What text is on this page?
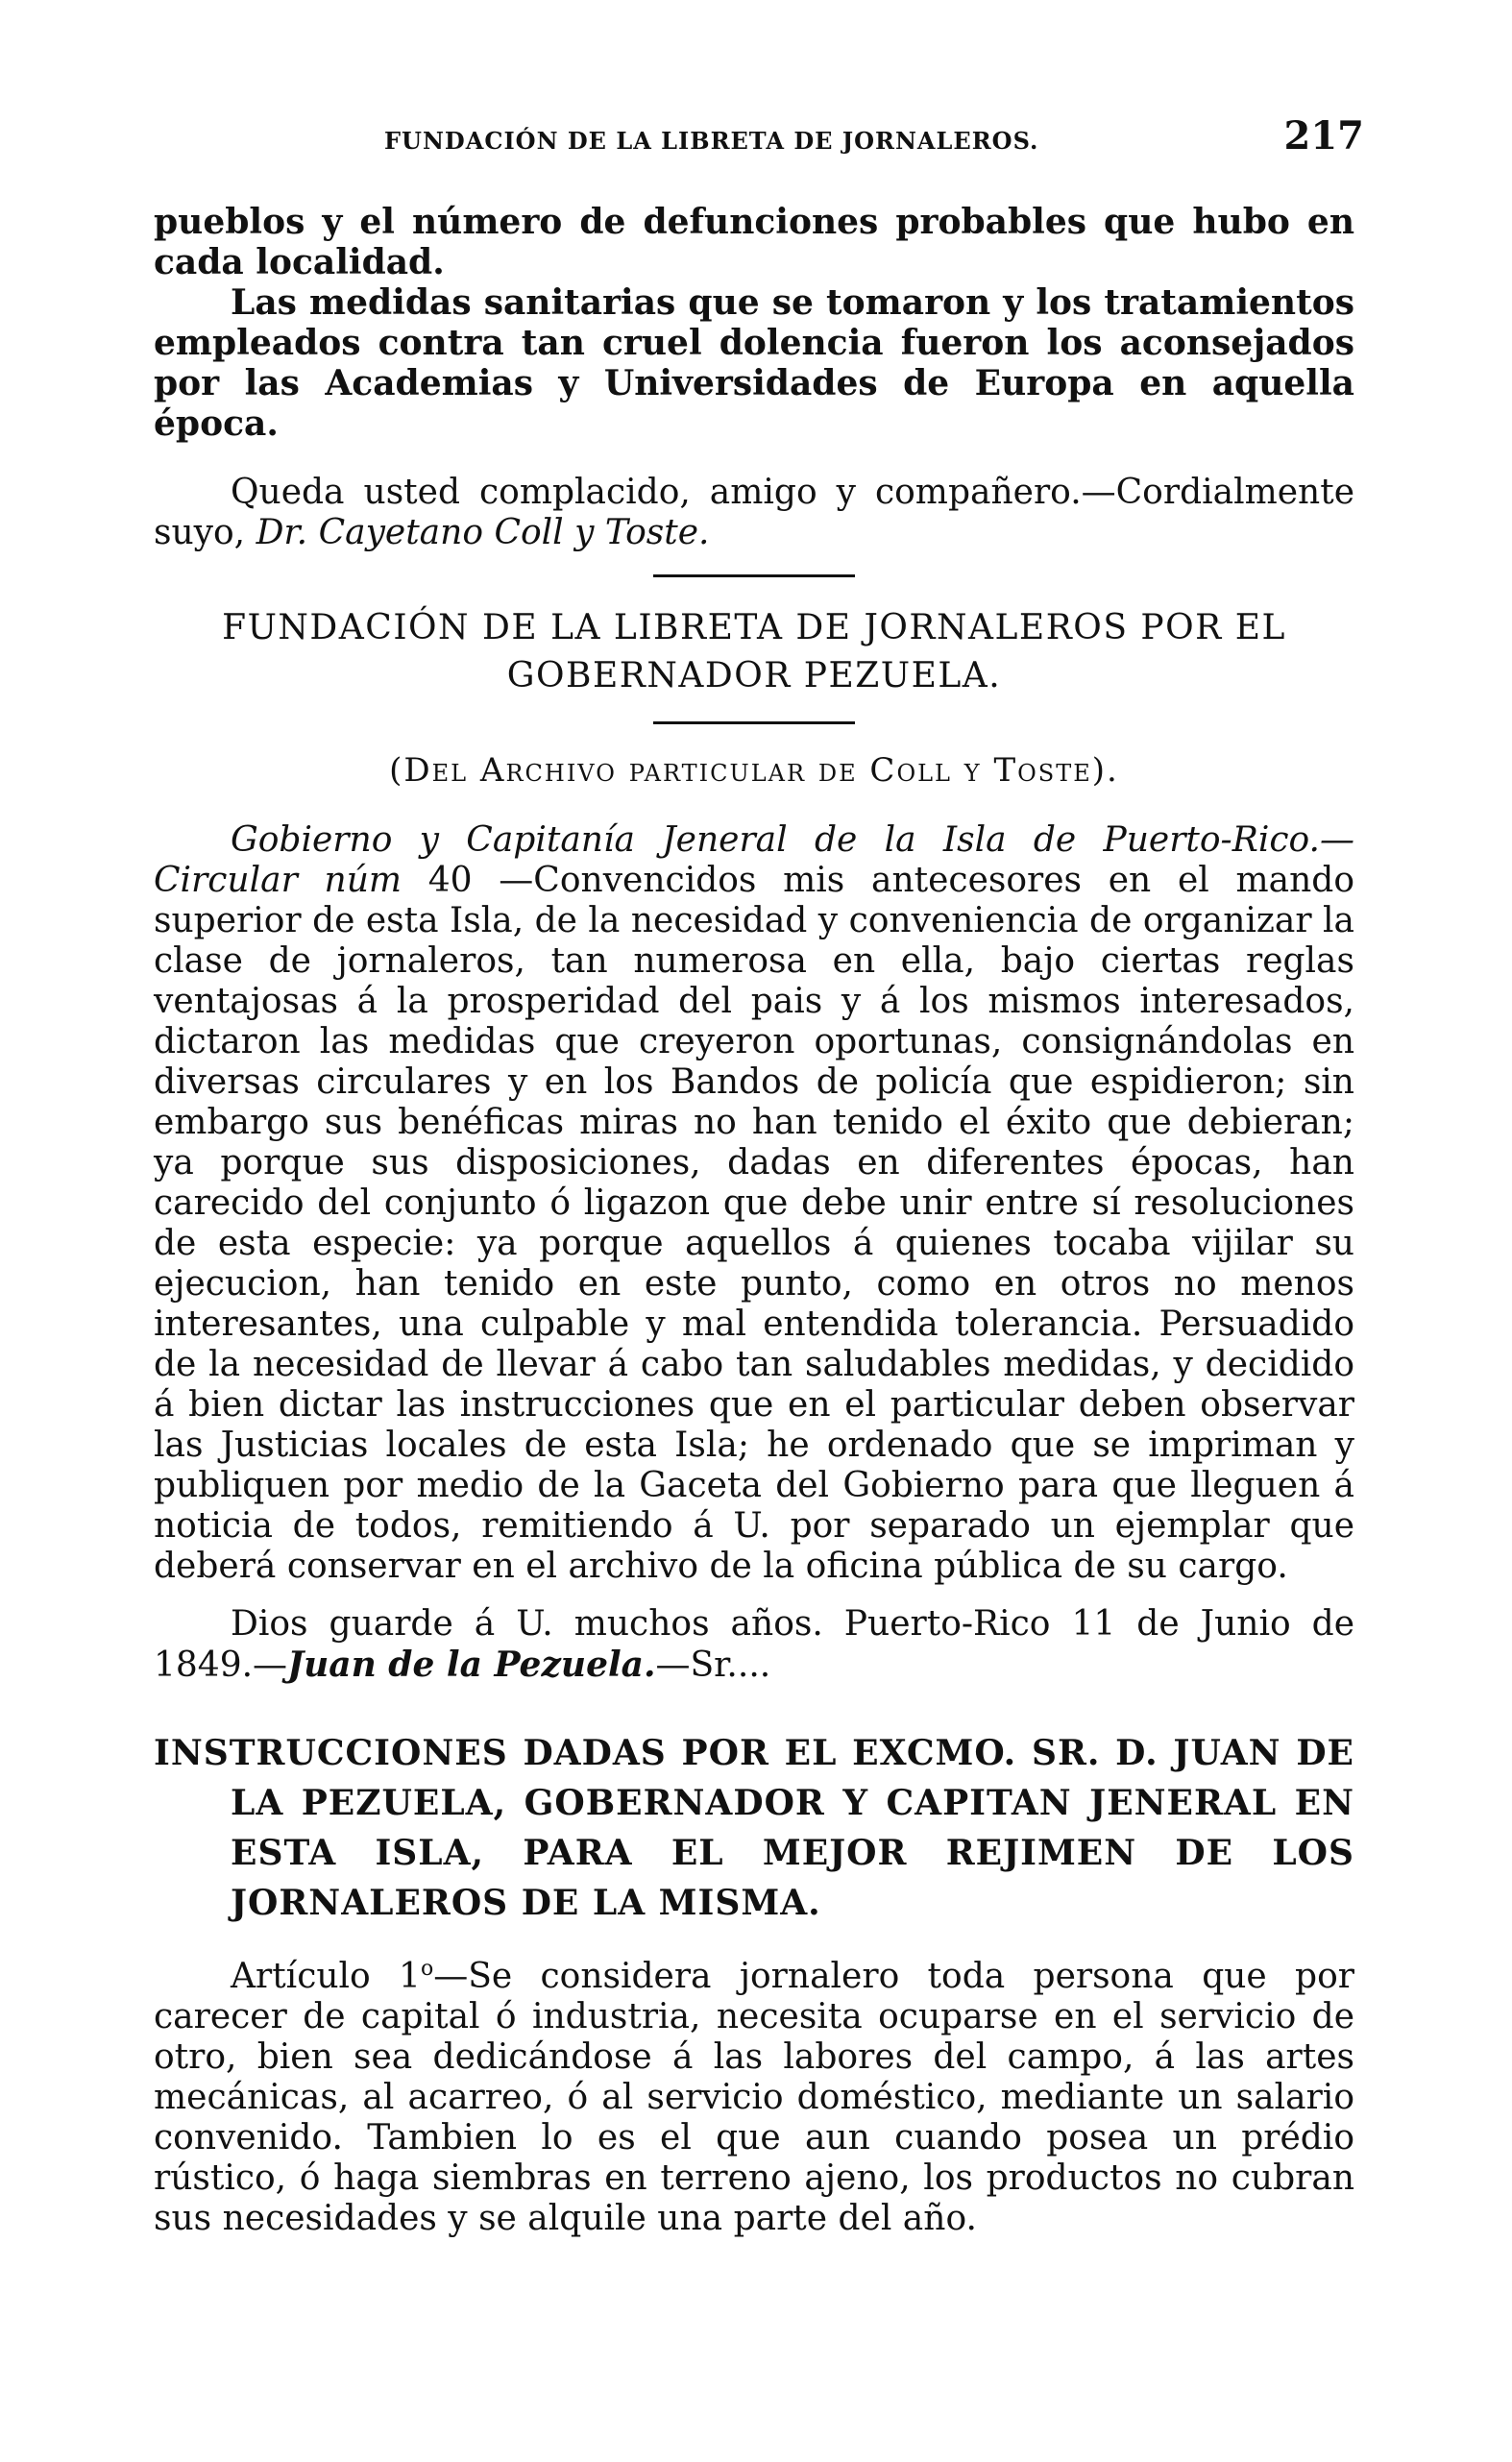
FUNDACIÓN DE LA LIBRETA DE JORNALEROS.	217

pueblos y el número de defunciones probables que hubo en cada localidad.

Las medidas sanitarias que se tomaron y los tratamientos empleados contra tan cruel dolencia fueron los aconsejados por las Academias y Universidades de Europa en aquella época.

Queda usted complacido, amigo y compañero.—Cordialmente suyo, Dr. Cayetano Coll y Toste.

FUNDACIÓN DE LA LIBRETA DE JORNALEROS POR EL GOBERNADOR PEZUELA.
(Del Archivo particular de Coll y Toste).

Gobierno y Capitanía Jeneral de la Isla de Puerto-Rico.— Circular núm 40 —Convencidos mis antecesores en el mando superior de esta Isla, de la necesidad y conveniencia de organizar la clase de jornaleros, tan numerosa en ella, bajo ciertas reglas ventajosas á la prosperidad del pais y á los mismos interesados, dictaron las medidas que creyeron oportunas, consignándolas en diversas circulares y en los Bandos de policía que espidieron; sin embargo sus benéficas miras no han tenido el éxito que debieran; ya porque sus disposiciones, dadas en diferentes épocas, han carecido del conjunto ó ligazon que debe unir entre sí resoluciones de esta especie: ya porque aquellos á quienes tocaba vijilar su ejecucion, han tenido en este punto, como en otros no menos interesantes, una culpable y mal entendida tolerancia. Persuadido de la necesidad de llevar á cabo tan saludables medidas, y decidido á bien dictar las instrucciones que en el particular deben observar las Justicias locales de esta Isla; he ordenado que se impriman y publiquen por medio de la Gaceta del Gobierno para que lleguen á noticia de todos, remitiendo á U. por separado un ejemplar que deberá conservar en el archivo de la oficina pública de su cargo.

Dios guarde á U. muchos años. Puerto-Rico 11 de Junio de 1849.—Juan de la Pezuela.—Sr....

INSTRUCCIONES DADAS POR EL EXCMO. SR. D. JUAN DE LA PEZUELA, GOBERNADOR Y CAPITAN JENERAL EN ESTA ISLA, PARA EL MEJOR REJIMEN DE LOS JORNALEROS DE LA MISMA.

Artículo 1$^o$—Se considera jornalero toda persona que por carecer de capital ó industria, necesita ocuparse en el servicio de otro, bien sea dedicándose á las labores del campo, á las artes mecánicas, al acarreo, ó al servicio doméstico, mediante un salario convenido. Tambien lo es el que aun cuando posea un prédio rústico, ó haga siembras en terreno ajeno, los productos no cubran sus necesidades y se alquile una parte del año.
